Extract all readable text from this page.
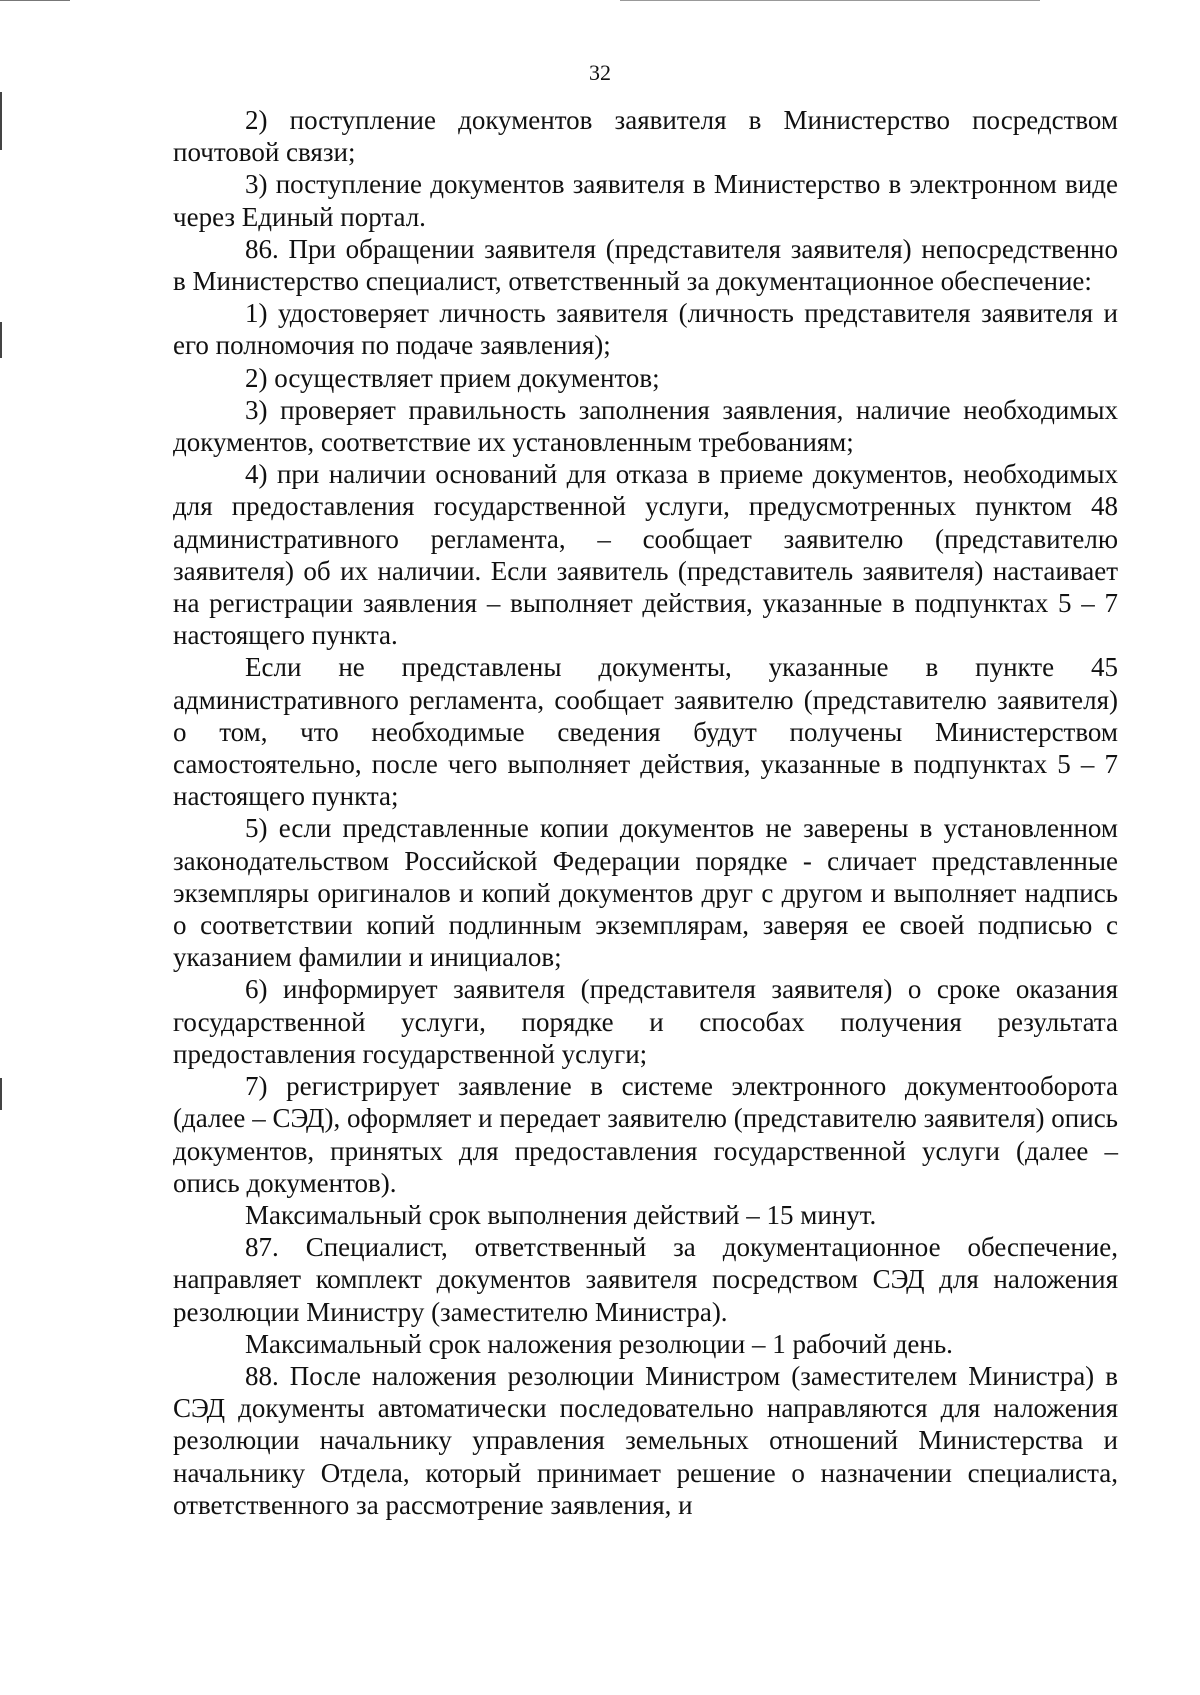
32

2) поступление документов заявителя в Министерство посредством почтовой связи;

3) поступление документов заявителя в Министерство в электронном виде через Единый портал.

86. При обращении заявителя (представителя заявителя) непосредственно в Министерство специалист, ответственный за документационное обеспечение:

1) удостоверяет личность заявителя (личность представителя заявителя и его полномочия по подаче заявления);

2) осуществляет прием документов;

3) проверяет правильность заполнения заявления, наличие необходимых документов, соответствие их установленным требованиям;

4) при наличии оснований для отказа в приеме документов, необходимых для предоставления государственной услуги, предусмотренных пунктом 48 административного регламента, – сообщает заявителю (представителю заявителя) об их наличии. Если заявитель (представитель заявителя) настаивает на регистрации заявления – выполняет действия, указанные в подпунктах 5 – 7 настоящего пункта.

Если не представлены документы, указанные в пункте 45 административного регламента, сообщает заявителю (представителю заявителя) о том, что необходимые сведения будут получены Министерством самостоятельно, после чего выполняет действия, указанные в подпунктах 5 – 7 настоящего пункта;

5) если представленные копии документов не заверены в установленном законодательством Российской Федерации порядке - сличает представленные экземпляры оригиналов и копий документов друг с другом и выполняет надпись о соответствии копий подлинным экземплярам, заверяя ее своей подписью с указанием фамилии и инициалов;

6) информирует заявителя (представителя заявителя) о сроке оказания государственной услуги, порядке и способах получения результата предоставления государственной услуги;

7) регистрирует заявление в системе электронного документооборота (далее – СЭД), оформляет и передает заявителю (представителю заявителя) опись документов, принятых для предоставления государственной услуги (далее – опись документов).

Максимальный срок выполнения действий – 15 минут.

87. Специалист, ответственный за документационное обеспечение, направляет комплект документов заявителя посредством СЭД для наложения резолюции Министру (заместителю Министра).

Максимальный срок наложения резолюции – 1 рабочий день.

88. После наложения резолюции Министром (заместителем Министра) в СЭД документы автоматически последовательно направляются для наложения резолюции начальнику управления земельных отношений Министерства и начальнику Отдела, который принимает решение о назначении специалиста, ответственного за рассмотрение заявления, и
